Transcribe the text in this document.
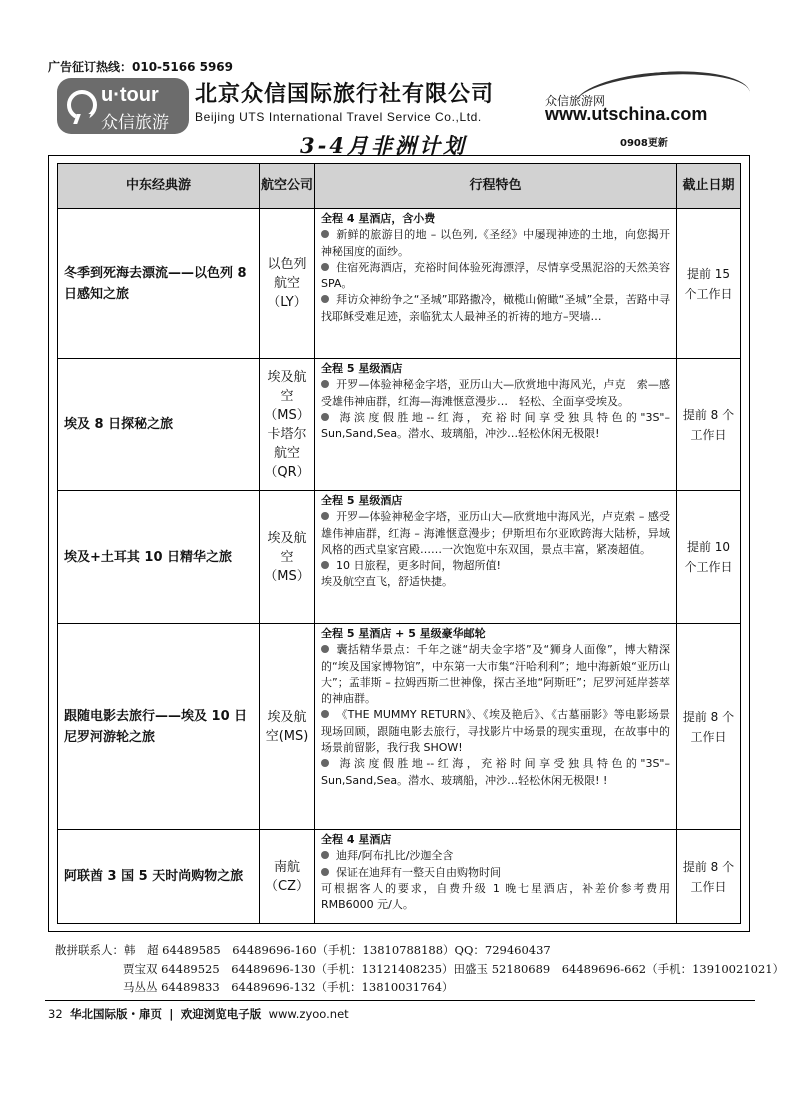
广告征订热线：010-5166 5969
u·tour
众信旅游
北京众信国际旅行社有限公司
Beijing UTS International Travel Service Co.,Ltd.
众信旅游网
www.utschina.com
3-4月非洲计划	0908更新
中东经典游	航空公司	行程特色	截止日期
冬季到死海去漂流——以色列 8 日感知之旅	以色列航空（LY）	全程 4 星酒店，含小费
新鲜的旅游目的地 – 以色列,《圣经》中屡现神迹的土地，向您揭开神秘国度的面纱。
住宿死海酒店，充裕时间体验死海漂浮，尽情享受黑泥浴的天然美容 SPA。
拜访众神纷争之“圣城”耶路撒冷，橄榄山俯瞰“圣城”全景，苦路中寻找耶稣受难足迹，亲临犹太人最神圣的祈祷的地方–哭墙…	提前 15 个工作日
埃及 8 日探秘之旅	埃及航空（MS）卡塔尔航空（QR）	全程 5 星级酒店
开罗—体验神秘金字塔，亚历山大—欣赏地中海风光，卢克　索—感受雄伟神庙群，红海—海滩惬意漫步…　轻松、全面享受埃及。
海滨度假胜地--红海，充裕时间享受独具特色的"3S"–Sun,Sand,Sea。潜水、玻璃船，冲沙…轻松休闲无极限!	提前 8 个工作日
埃及+土耳其 10 日精华之旅	埃及航空（MS）	全程 5 星级酒店
开罗—体验神秘金字塔，亚历山大—欣赏地中海风光，卢克索 – 感受雄伟神庙群，红海 – 海滩惬意漫步；伊斯坦布尔亚欧跨海大陆桥，异域风格的西式皇家宫殿……一次饱览中东双国，景点丰富，紧凑超值。
10 日旅程，更多时间，物超所值!
埃及航空直飞，舒适快捷。	提前 10 个工作日
跟随电影去旅行——埃及 10 日尼罗河游轮之旅	埃及航空(MS)	全程 5 星酒店 + 5 星级豪华邮轮
囊括精华景点：千年之谜“胡夫金字塔”及“狮身人面像”，博大精深的“埃及国家博物馆”，中东第一大市集“汗哈利利”；地中海新娘“亚历山大”；孟菲斯 – 拉姆西斯二世神像，探古圣地“阿斯旺”；尼罗河延岸荟萃的神庙群。
《THE MUMMY RETURN》、《埃及艳后》、《古墓丽影》等电影场景现场回顾，跟随电影去旅行，寻找影片中场景的现实重现，在故事中的场景前留影，我行我 SHOW!
海滨度假胜地--红海，充裕时间享受独具特色的"3S"–Sun,Sand,Sea。潜水、玻璃船，冲沙…轻松休闲无极限! !	提前 8 个工作日
阿联酋 3 国 5 天时尚购物之旅	南航（CZ）	全程 4 星酒店
迪拜/阿布扎比/沙迦全含
保证在迪拜有一整天自由购物时间
可根据客人的要求，自费升级 1 晚七星酒店，补差价参考费用 RMB6000 元/人。	提前 8 个工作日
散拼联系人：韩　超 64489585　64489696-160（手机：13810788188）QQ：729460437
贾宝双 64489525　64489696-130（手机：13121408235）田盛玉 52180689　64489696-662（手机：13910021021）
马丛丛 64489833　64489696-132（手机：13810031764）
32 华北国际版・扉页 | 欢迎浏览电子版 www.zyoo.net
